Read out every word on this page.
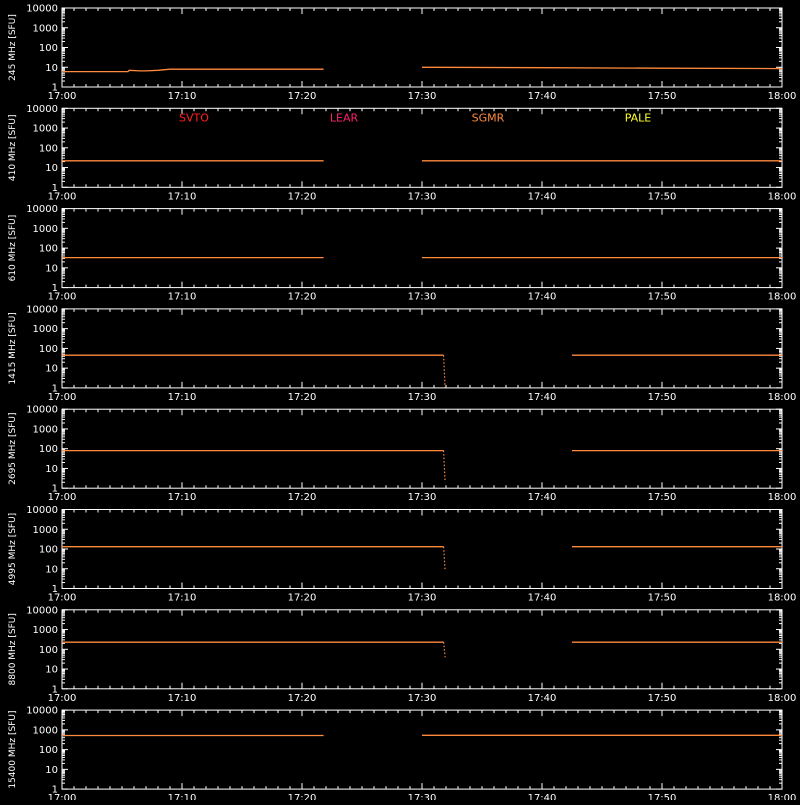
1
10
100
1000
10000
245 MHz [SFU]
17:00	17:10	17:20	17:30	17:40	17:50	18:00
1
10
100
1000
10000
410 MHz [SFU]
17:00	17:10	17:20	17:30	17:40	17:50	18:00
SVTO	LEAR	SGMR	PALE
1
10
100
1000
10000
610 MHz [SFU]
17:00	17:10	17:20	17:30	17:40	17:50	18:00
1
10
100
1000
10000
1415 MHz [SFU]
17:00	17:10	17:20	17:30	17:40	17:50	18:00
1
10
100
1000
10000
2695 MHz [SFU]
17:00	17:10	17:20	17:30	17:40	17:50	18:00
1
10
100
1000
10000
4995 MHz [SFU]
17:00	17:10	17:20	17:30	17:40	17:50	18:00
1
10
100
1000
10000
8800 MHz [SFU]
17:00	17:10	17:20	17:30	17:40	17:50	18:00
1
10
100
1000
10000
15400 MHz [SFU]
17:00	17:10	17:20	17:30	17:40	17:50	18:00
